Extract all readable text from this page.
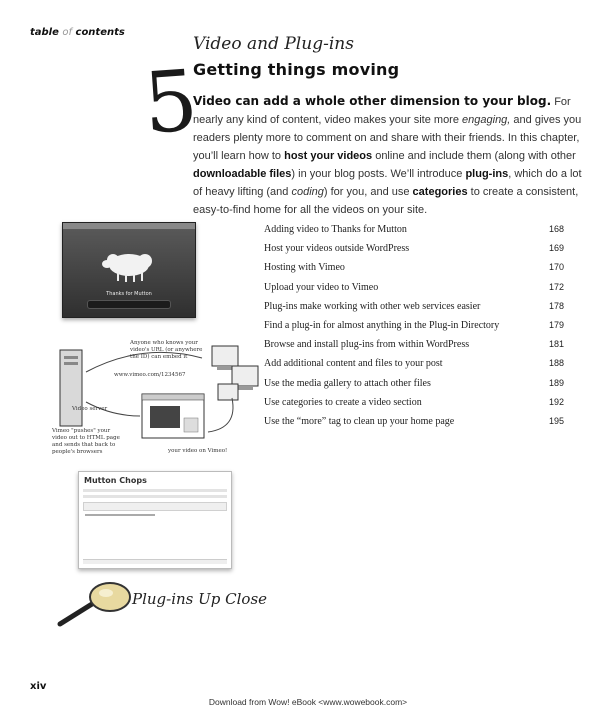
table of contents
5
Video and Plug-ins
Getting things moving
Video can add a whole other dimension to your blog. For nearly any kind of content, video makes your site more engaging, and gives you readers plenty more to comment on and share with their friends. In this chapter, you’ll learn how to host your videos online and include them (along with other downloadable files) in your blog posts. We’ll introduce plug-ins, which do a lot of heavy lifting (and coding) for you, and use categories to create a consistent, easy-to-find home for all the videos on your site.
Adding video to Thanks for Mutton	168
Host your videos outside WordPress	169
Hosting with Vimeo	170
Upload your video to Vimeo	172
Plug-ins make working with other web services easier	178
Find a plug-in for almost anything in the Plug-in Directory	179
Browse and install plug-ins from within WordPress	181
Add additional content and files to your post	188
Use the media gallery to attach other files	189
Use categories to create a video section	192
Use the “more” tag to clean up your home page	195
Thanks for Mutton
Anyone who knows your video's URL (or anywhere the ID) can embed it
www.vimeo.com/1234567
Video server
Vimeo "pushes" your video out to HTML page and sends that back to people's browsers	your video on Vimeo!
Mutton Chops
Plug-ins Up Close
xiv
Download from Wow! eBook <www.wowebook.com>
